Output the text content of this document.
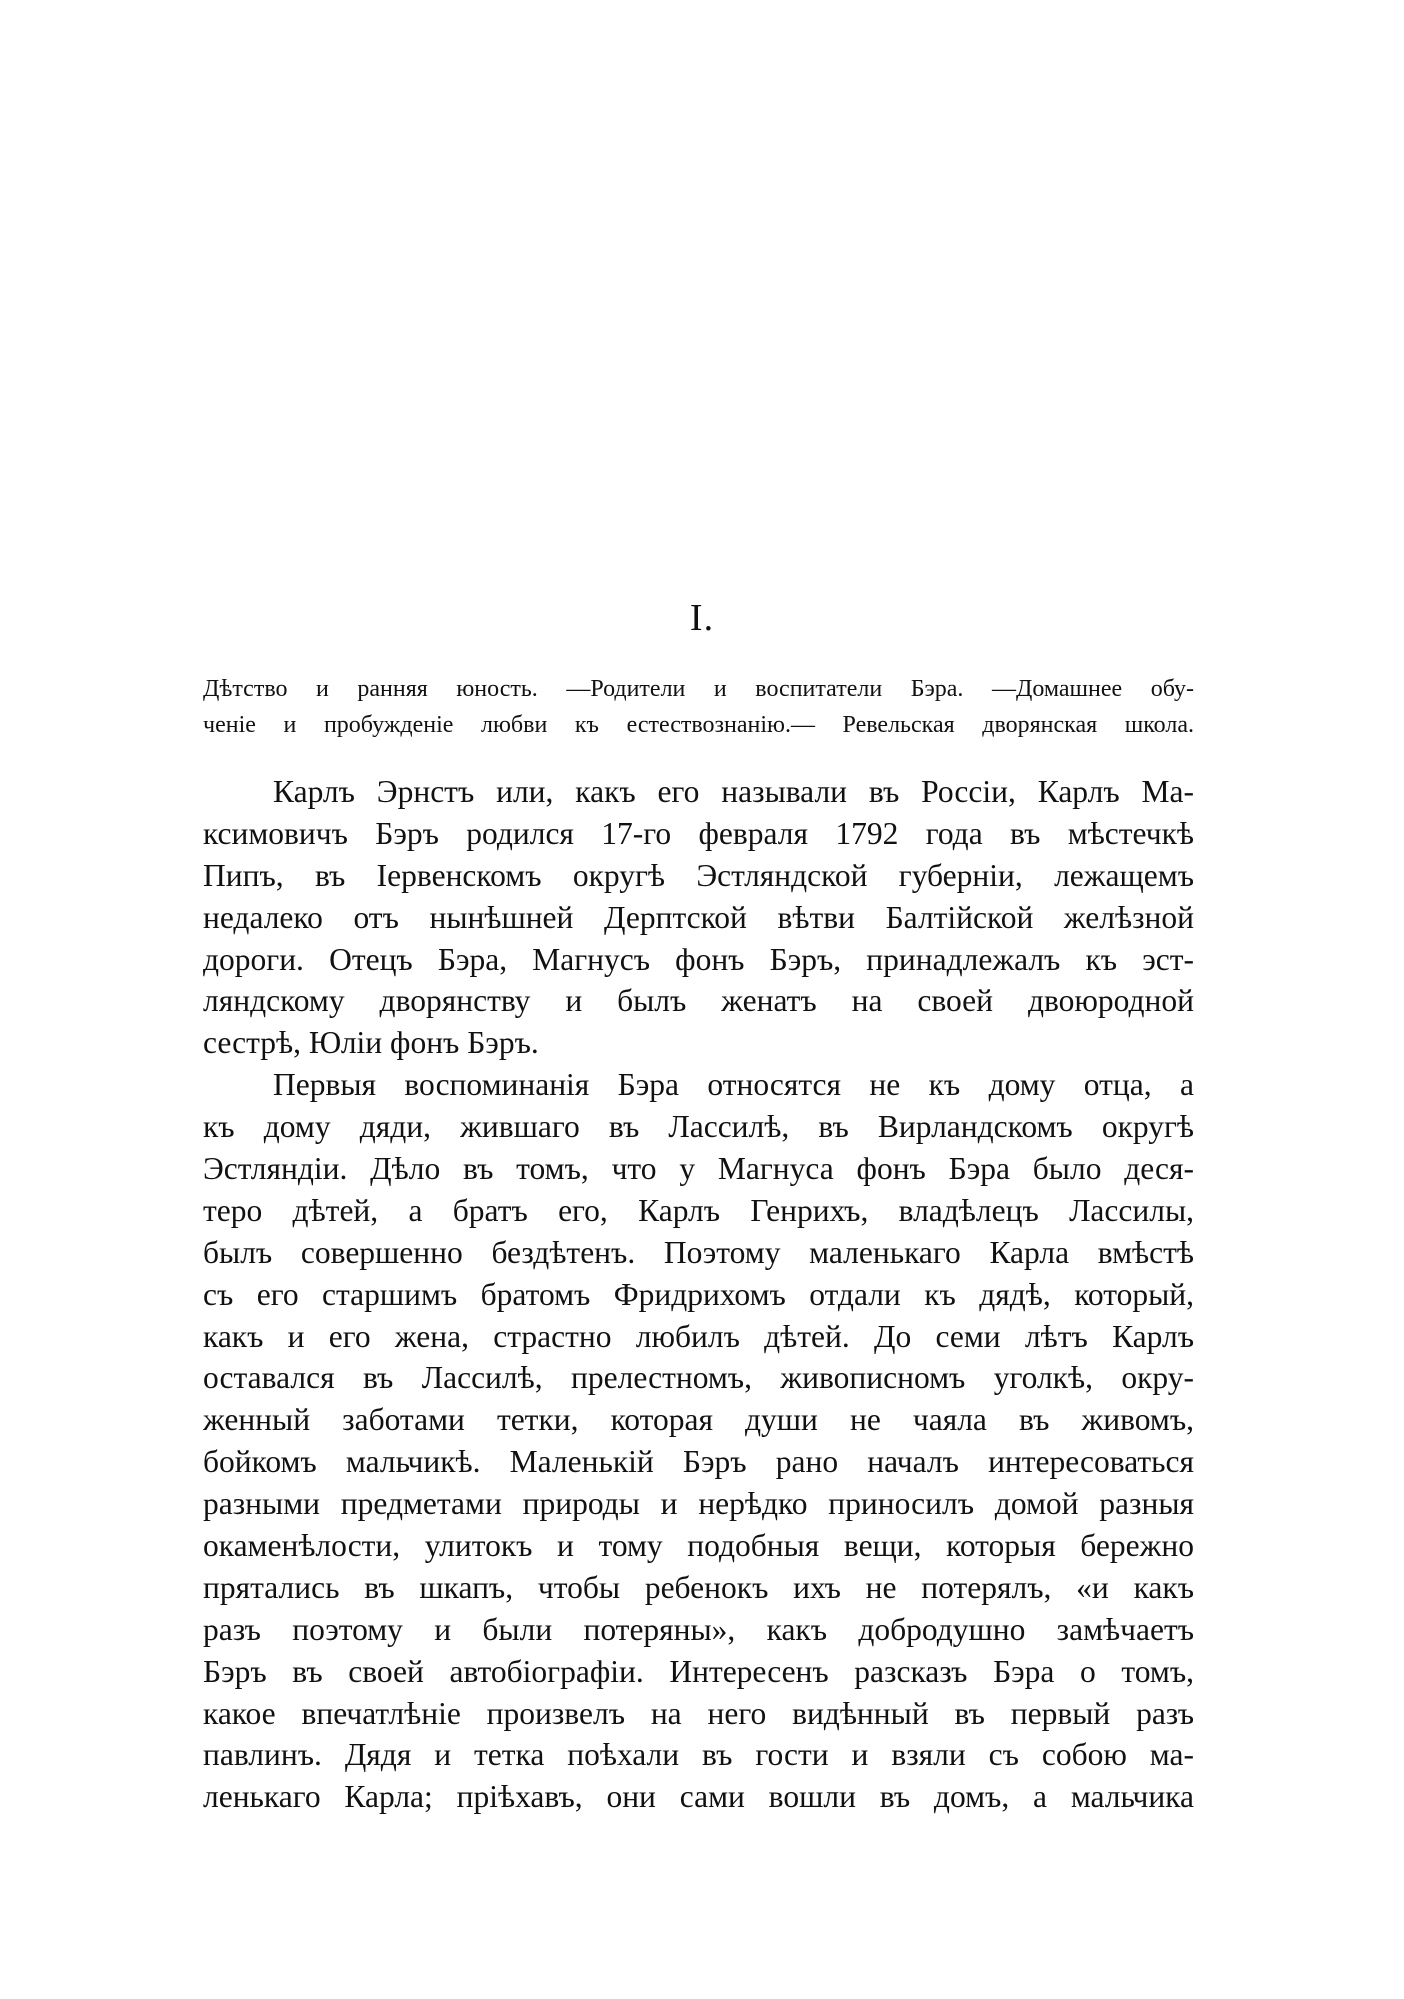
I.
Дѣтство и ранняя юность. —Родители и воспитатели Бэра. —Домашнее обу-
ченіе и пробужденіе любви къ естествознанію.— Ревельская дворянская школа.
Карлъ Эрнстъ или, какъ его называли въ Россіи, Карлъ Ма-
ксимовичъ Бэръ родился 17-го февраля 1792 года въ мѣстечкѣ
Пипъ, въ Іервенскомъ округѣ Эстляндской губерніи, лежащемъ
недалеко отъ нынѣшней Дерптской вѣтви Балтійской желѣзной
дороги. Отецъ Бэра, Магнусъ фонъ Бэръ, принадлежалъ къ эст-
ляндскому дворянству и былъ женатъ на своей двоюродной
сестрѣ, Юліи фонъ Бэръ.
Первыя воспоминанія Бэра относятся не къ дому отца, а
къ дому дяди, жившаго въ Лассилѣ, въ Вирландскомъ округѣ
Эстляндіи. Дѣло въ томъ, что у Магнуса фонъ Бэра было деся-
теро дѣтей, а братъ его, Карлъ Генрихъ, владѣлецъ Лассилы,
былъ совершенно бездѣтенъ. Поэтому маленькаго Карла вмѣстѣ
съ его старшимъ братомъ Фридрихомъ отдали къ дядѣ, который,
какъ и его жена, страстно любилъ дѣтей. До семи лѣтъ Карлъ
оставался въ Лассилѣ, прелестномъ, живописномъ уголкѣ, окру-
женный заботами тетки, которая души не чаяла въ живомъ,
бойкомъ мальчикѣ. Маленькій Бэръ рано началъ интересоваться
разными предметами природы и нерѣдко приносилъ домой разныя
окаменѣлости, улитокъ и тому подобныя вещи, которыя бережно
прятались въ шкапъ, чтобы ребенокъ ихъ не потерялъ, «и какъ
разъ поэтому и были потеряны», какъ добродушно замѣчаетъ
Бэръ въ своей автобіографіи. Интересенъ разсказъ Бэра о томъ,
какое впечатлѣніе произвелъ на него видѣнный въ первый разъ
павлинъ. Дядя и тетка поѣхали въ гости и взяли съ собою ма-
ленькаго Карла; пріѣхавъ, они сами вошли въ домъ, а мальчика
